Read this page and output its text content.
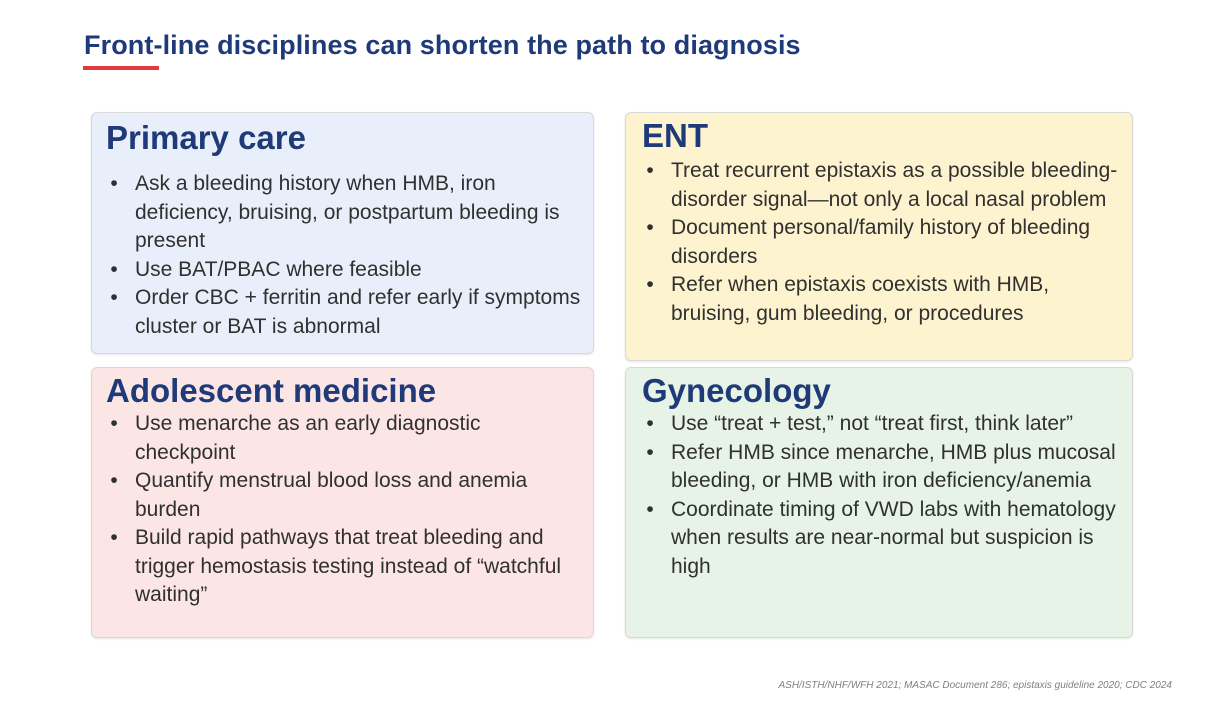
Front-line disciplines can shorten the path to diagnosis
Primary care
• Ask a bleeding history when HMB, iron deficiency, bruising, or postpartum bleeding is present
• Use BAT/PBAC where feasible
• Order CBC + ferritin and refer early if symptoms cluster or BAT is abnormal
ENT
• Treat recurrent epistaxis as a possible bleeding-disorder signal—not only a local nasal problem
• Document personal/family history of bleeding disorders
• Refer when epistaxis coexists with HMB, bruising, gum bleeding, or procedures
Adolescent medicine
• Use menarche as an early diagnostic checkpoint
• Quantify menstrual blood loss and anemia burden
• Build rapid pathways that treat bleeding and trigger hemostasis testing instead of “watchful waiting”
Gynecology
• Use “treat + test,” not “treat first, think later”
• Refer HMB since menarche, HMB plus mucosal bleeding, or HMB with iron deficiency/anemia
• Coordinate timing of VWD labs with hematology when results are near-normal but suspicion is high
ASH/ISTH/NHF/WFH 2021; MASAC Document 286; epistaxis guideline 2020; CDC 2024
